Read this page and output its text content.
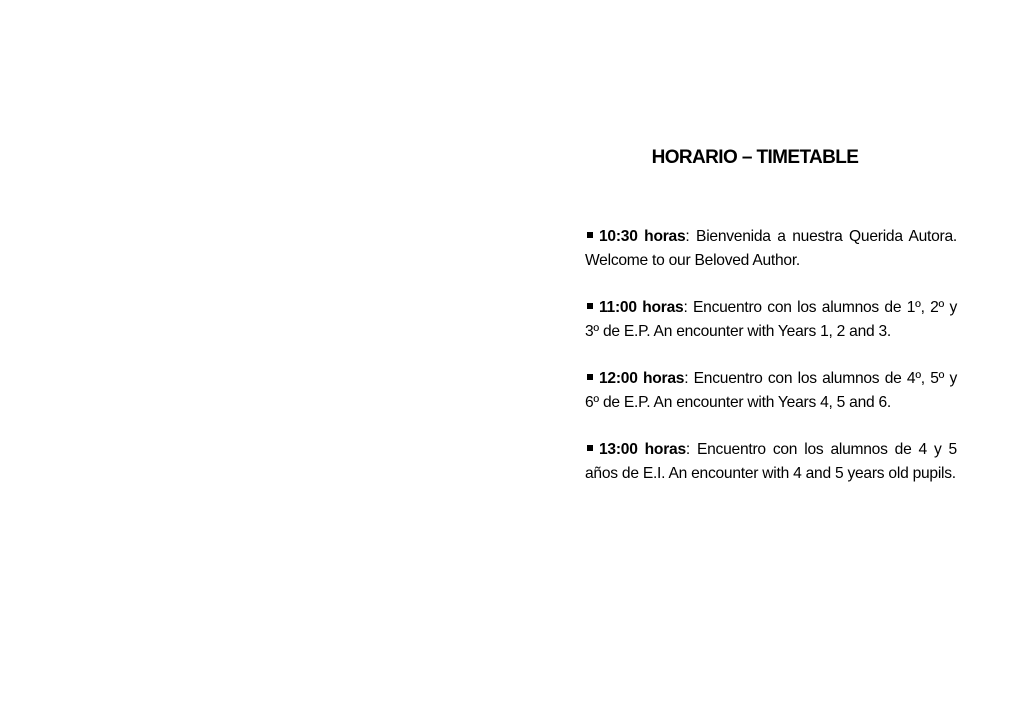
HORARIO – TIMETABLE

10:30 horas: Bienvenida a nuestra Querida Autora. Welcome to our Beloved Author.

11:00 horas: Encuentro con los alumnos de 1º, 2º y 3º de E.P. An encounter with Years 1, 2 and 3.

12:00 horas: Encuentro con los alumnos de 4º, 5º y 6º de E.P. An encounter with Years 4, 5 and 6.

13:00 horas: Encuentro con los alumnos de 4 y 5 años de E.I. An encounter with 4 and 5 years old pupils.
